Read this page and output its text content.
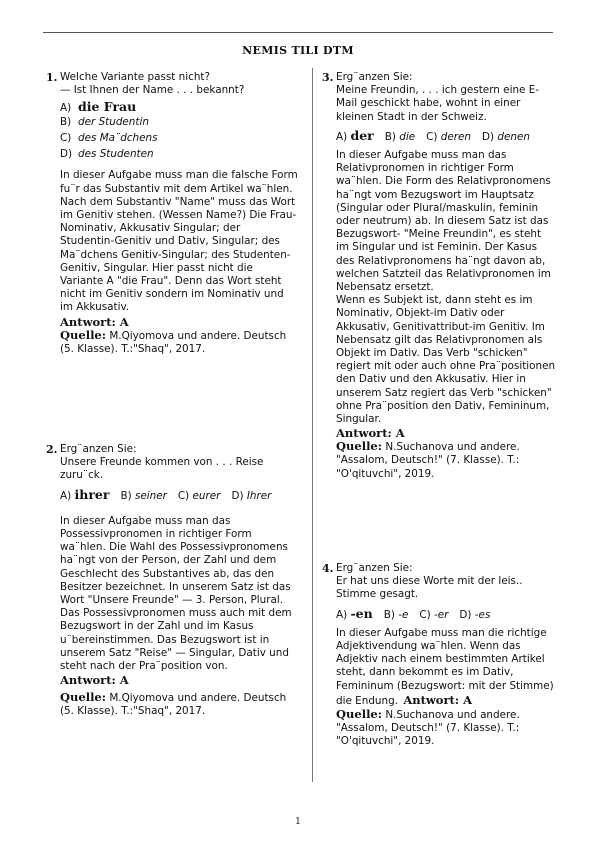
NEMIS TILI DTM
1. Welche Variante passt nicht?
— Ist Ihnen der Name . . . bekannt?
A) die Frau
B) der Studentin
C) des Ma¨dchens
D) des Studenten

In dieser Aufgabe muss man die falsche Form fu¨r das Substantiv mit dem Artikel wa¨hlen. Nach dem Substantiv "Name" muss das Wort im Genitiv stehen. (Wessen Name?) Die Frau- Nominativ, Akkusativ Singular; der Studentin-Genitiv und Dativ, Singular; des Ma¨dchens Genitiv-Singular; des Studenten-Genitiv, Singular. Hier passt nicht die Variante A "die Frau". Denn das Wort steht nicht im Genitiv sondern im Nominativ und im Akkusativ.

Antwort: A
Quelle: M.Qiyomova und andere. Deutsch (5. Klasse). T.:"Shaq", 2017.
2. Erg¨anzen Sie:
Unsere Freunde kommen von . . . Reise zuru¨ck.
A) ihrer B) seiner C) eurer D) Ihrer

In dieser Aufgabe muss man das Possessivpronomen in richtiger Form wa¨hlen. Die Wahl des Possessivpronomens ha¨ngt von der Person, der Zahl und dem Geschlecht des Substantives ab, das den Besitzer bezeichnet. In unserem Satz ist das Wort "Unsere Freunde" — 3. Person, Plural. Das Possessivpronomen muss auch mit dem Bezugswort in der Zahl und im Kasus u¨bereinstimmen. Das Bezugswort ist in unserem Satz "Reise" — Singular, Dativ und steht nach der Pra¨position von.

Antwort: A
Quelle: M.Qiyomova und andere. Deutsch (5. Klasse). T.:"Shaq", 2017.
3. Erg¨anzen Sie:
Meine Freundin, . . . ich gestern eine E-Mail geschickt habe, wohnt in einer kleinen Stadt in der Schweiz.
A) der B) die C) deren D) denen

In dieser Aufgabe muss man das Relativpronomen in richtiger Form wa¨hlen. Die Form des Relativpronomens ha¨ngt vom Bezugswort im Hauptsatz (Singular oder Plural/maskulin, feminin oder neutrum) ab. In diesem Satz ist das Bezugswort- "Meine Freundin", es steht im Singular und ist Feminin. Der Kasus des Relativpronomens ha¨ngt davon ab, welchen Satzteil das Relativpronomen im Nebensatz ersetzt.

Wenn es Subjekt ist, dann steht es im Nominativ, Objekt-im Dativ oder Akkusativ, Genitivattribut-im Genitiv. Im Nebensatz gilt das Relativpronomen als Objekt im Dativ. Das Verb "schicken" regiert mit oder auch ohne Pra¨positionen den Dativ und den Akkusativ. Hier in unserem Satz regiert das Verb "schicken" ohne Pra¨position den Dativ, Femininum, Singular.

Antwort: A
Quelle: N.Suchanova und andere. "Assalom, Deutsch!" (7. Klasse). T.: "O'qituvchi", 2019.
4. Erg¨anzen Sie:
Er hat uns diese Worte mit der leis.. Stimme gesagt.
A) -en B) -e C) -er D) -es

In dieser Aufgabe muss man die richtige Adjektivendung wa¨hlen. Wenn das Adjektiv nach einem bestimmten Artikel steht, dann bekommt es im Dativ, Femininum (Bezugswort: mit der Stimme) die Endung. Antwort: A

Quelle: N.Suchanova und andere. "Assalom, Deutsch!" (7. Klasse). T.: "O'qituvchi", 2019.
1
